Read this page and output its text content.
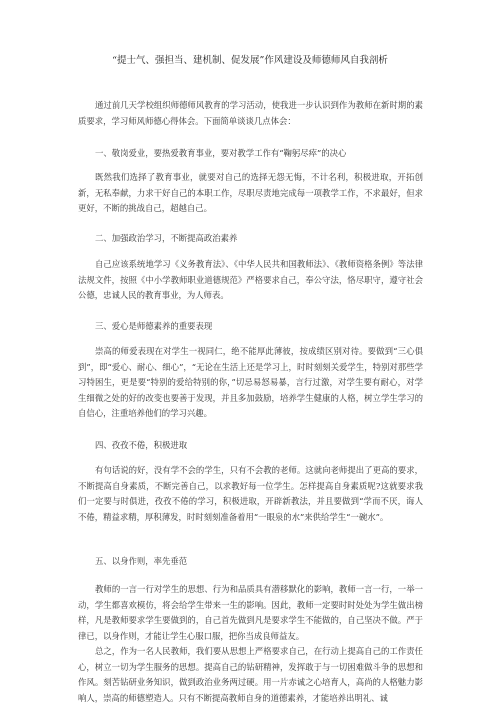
“提士气、强担当、建机制、促发展”作风建设及师德师风自我剖析

通过前几天学校组织师德师风教育的学习活动，使我进一步认识到作为教师在新时期的素质要求，学习师风师德心得体会。下面简单谈谈几点体会：

一、敬岗爱业，要热爱教育事业，要对教学工作有“鞠躬尽瘁”的决心

既然我们选择了教育事业，就要对自己的选择无怨无悔，不计名利，积极进取，开拓创新，无私奉献，力求干好自己的本职工作，尽职尽责地完成每一项教学工作，不求最好，但求更好，不断的挑战自己，超越自己。

二、加强政治学习，不断提高政治素养

自己应该系统地学习《义务教育法》、《中华人民共和国教师法》、《教师资格条例》等法律法规文件，按照《中小学教师职业道德规范》严格要求自己，奉公守法，恪尽职守，遵守社会公德，忠诚人民的教育事业，为人师表。

三、爱心是师德素养的重要表现

崇高的师爱表现在对学生一视同仁，绝不能厚此薄彼，按成绩区别对待。要做到“三心俱到”，即“爱心、耐心、细心”，“无论在生活上还是学习上，时时刻刻关爱学生，特别对那些学习特困生，更是要“特别的爱给特别的你，”切忌易怒易暴，言行过激，对学生要有耐心，对学生细微之处的好的改变也要善于发现，并且多加鼓励，培养学生健康的人格，树立学生学习的自信心，注重培养他们的学习兴趣。

四、孜孜不倦，积极进取

有句话说的好，没有学不会的学生，只有不会教的老师。这就向老师提出了更高的要求，不断提高自身素质，不断完善自己，以求教好每一位学生。怎样提高自身素质呢?这就要求我们一定要与时俱进，孜孜不倦的学习，积极进取，开辟新教法，并且要做到“学而不厌，诲人不倦，精益求精，厚积薄发，时时刻刻准备着用“一眼泉的水”来供给学生“一碗水”。

五、以身作则，率先垂范

教师的一言一行对学生的思想、行为和品质具有潜移默化的影响，教师一言一行，一举一动，学生都喜欢模仿，将会给学生带来一生的影响。因此，教师一定要时时处处为学生做出榜样，凡是教师要求学生要做到的，自己首先做到凡是要求学生不能做的，自己坚决不做。严于律已，以身作则，才能让学生心服口服，把你当成良师益友。

总之，作为一名人民教师，我们要从思想上严格要求自己，在行动上提高自己的工作责任心，树立一切为学生服务的思想。提高自己的钻研精神，发挥敢于与一切困难做斗争的思想和作风。刻苦钻研业务知识，做到政治业务两过硬。用一片赤诚之心培育人，高尚的人格魅力影响人，崇高的师德塑造人。只有不断提高教师自身的道德素养，才能培养出明礼、诚
